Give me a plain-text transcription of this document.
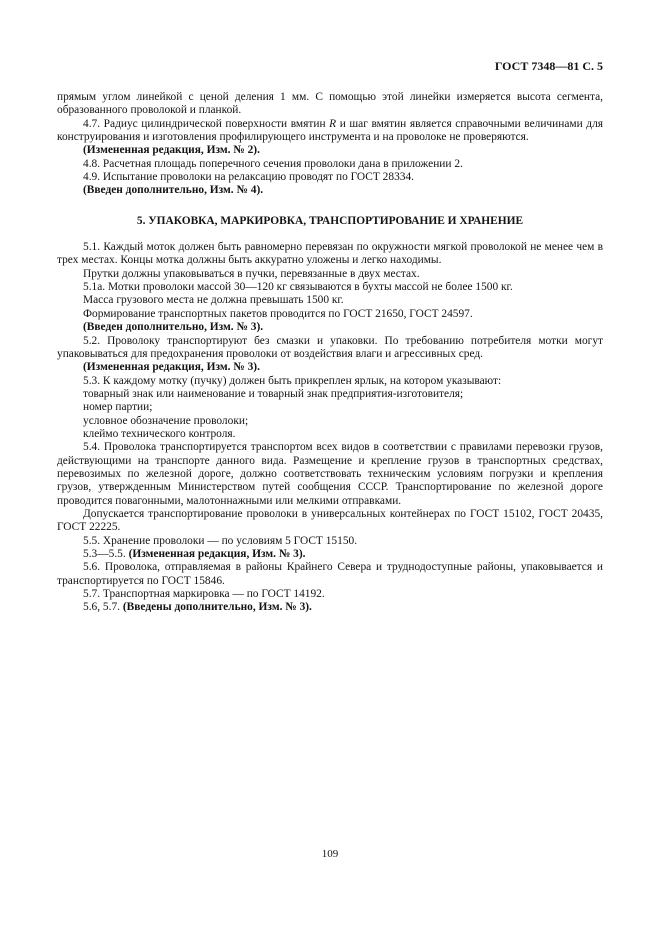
ГОСТ 7348—81 С. 5

прямым углом линейкой с ценой деления 1 мм. С помощью этой линейки измеряется высота сегмента, образованного проволокой и планкой.

4.7. Радиус цилиндрической поверхности вмятин R и шаг вмятин является справочными величинами для конструирования и изготовления профилирующего инструмента и на проволоке не проверяются.

(Измененная редакция, Изм. № 2).

4.8. Расчетная площадь поперечного сечения проволоки дана в приложении 2.

4.9. Испытание проволоки на релаксацию проводят по ГОСТ 28334.

(Введен дополнительно, Изм. № 4).

5. УПАКОВКА, МАРКИРОВКА, ТРАНСПОРТИРОВАНИЕ И ХРАНЕНИЕ

5.1. Каждый моток должен быть равномерно перевязан по окружности мягкой проволокой не менее чем в трех местах. Концы мотка должны быть аккуратно уложены и легко находимы.

Прутки должны упаковываться в пучки, перевязанные в двух местах.

5.1а. Мотки проволоки массой 30—120 кг связываются в бухты массой не более 1500 кг.

Масса грузового места не должна превышать 1500 кг.

Формирование транспортных пакетов проводится по ГОСТ 21650, ГОСТ 24597.

(Введен дополнительно, Изм. № 3).

5.2. Проволоку транспортируют без смазки и упаковки. По требованию потребителя мотки могут упаковываться для предохранения проволоки от воздействия влаги и агрессивных сред.

(Измененная редакция, Изм. № 3).

5.3. К каждому мотку (пучку) должен быть прикреплен ярлык, на котором указывают:

товарный знак или наименование и товарный знак предприятия-изготовителя;

номер партии;

условное обозначение проволоки;

клеймо технического контроля.

5.4. Проволока транспортируется транспортом всех видов в соответствии с правилами перевозки грузов, действующими на транспорте данного вида. Размещение и крепление грузов в транспортных средствах, перевозимых по железной дороге, должно соответствовать техническим условиям погрузки и крепления грузов, утвержденным Министерством путей сообщения СССР. Транспортирование по железной дороге проводится повагонными, малотоннажными или мелкими отправками.

Допускается транспортирование проволоки в универсальных контейнерах по ГОСТ 15102, ГОСТ 20435, ГОСТ 22225.

5.5. Хранение проволоки — по условиям 5 ГОСТ 15150.

5.3—5.5. (Измененная редакция, Изм. № 3).

5.6. Проволока, отправляемая в районы Крайнего Севера и труднодоступные районы, упаковывается и транспортируется по ГОСТ 15846.

5.7. Транспортная маркировка — по ГОСТ 14192.

5.6, 5.7. (Введены дополнительно, Изм. № 3).

109
